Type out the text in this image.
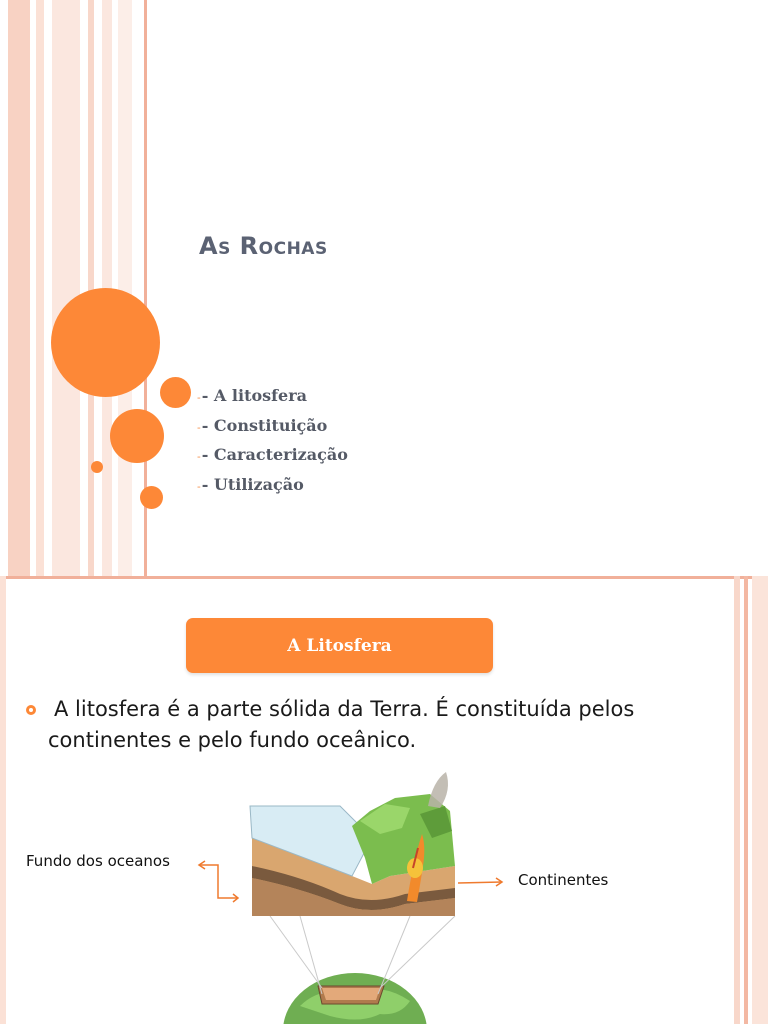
As Rochas
-- A litosfera
-- Constituição
-- Caracterização
-- Utilização
A Litosfera
A litosfera é a parte sólida da Terra. É constituída pelos continentes e pelo fundo oceânico.
Fundo dos oceanos
Continentes
